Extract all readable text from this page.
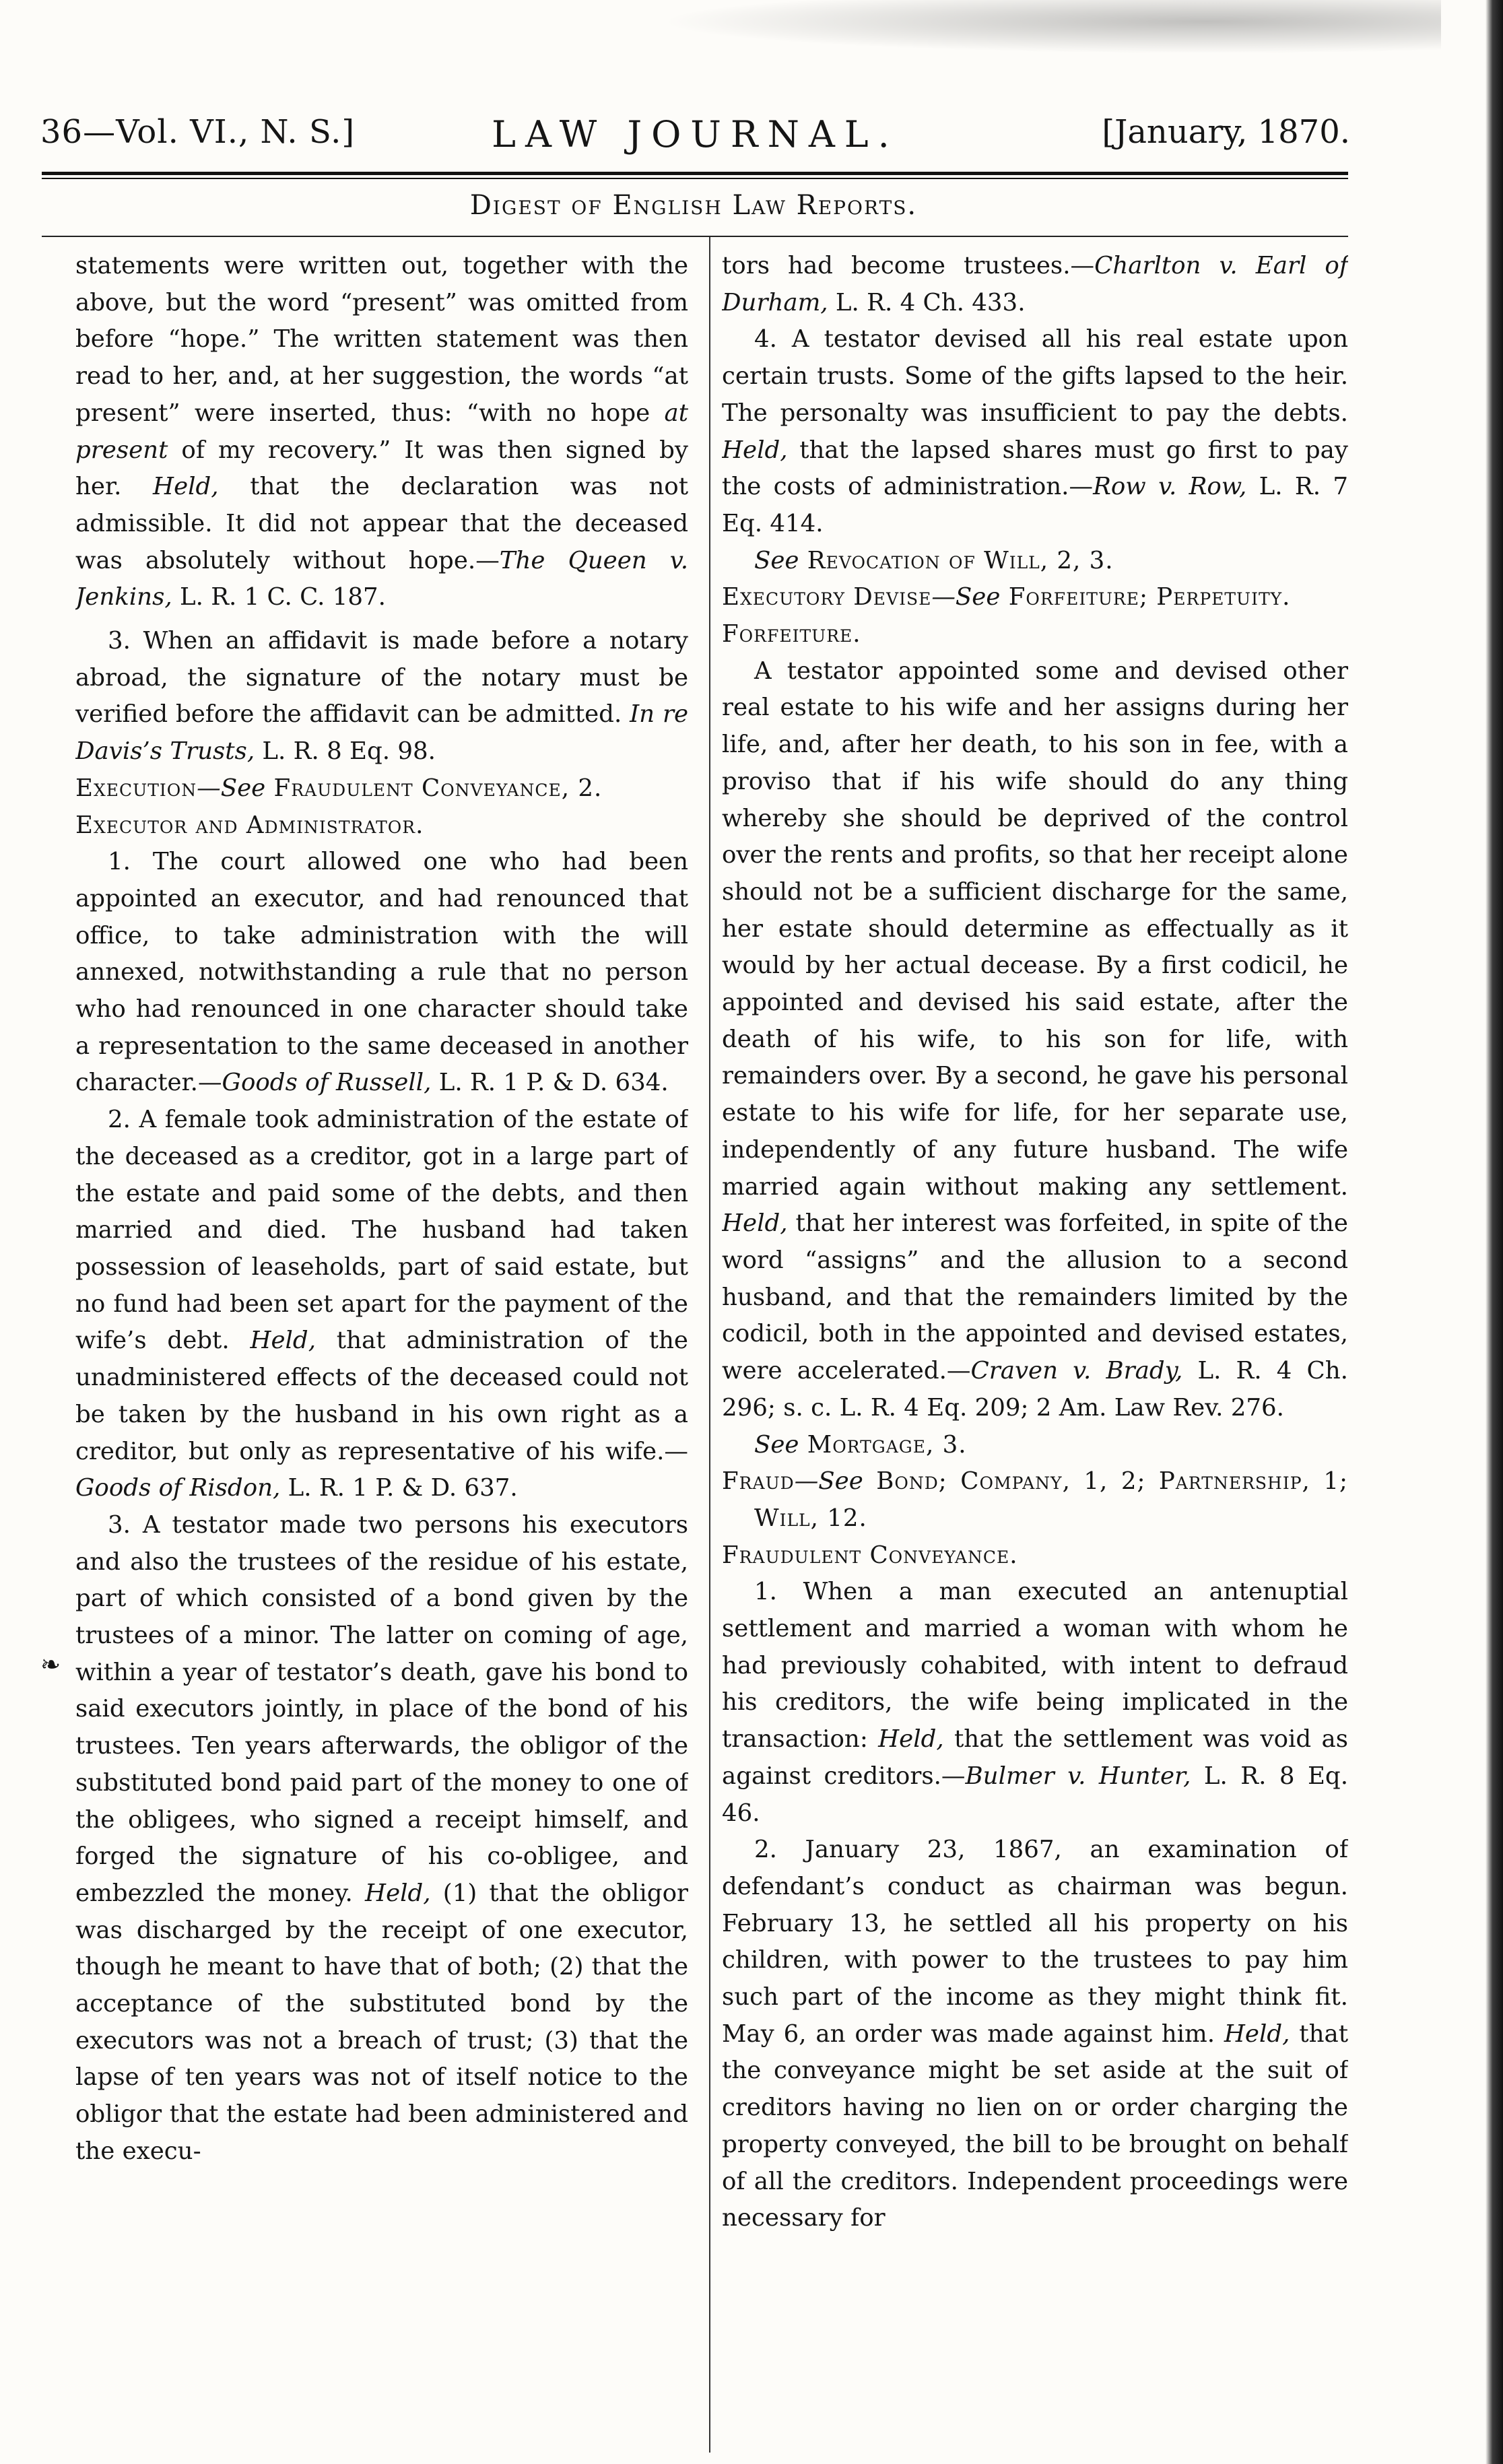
36—Vol. VI., N. S.]	LAW JOURNAL.	[January, 1870.
Digest of English Law Reports.
❧

statements were written out, together with the above, but the word “present” was omitted from before “hope.” The written statement was then read to her, and, at her suggestion, the words “at present” were inserted, thus: “with no hope at present of my recovery.” It was then signed by her. Held, that the declaration was not admissible. It did not appear that the deceased was absolutely without hope.—The Queen v. Jenkins, L. R. 1 C. C. 187.

3. When an affidavit is made before a notary abroad, the signature of the notary must be verified before the affidavit can be admitted. In re Davis’s Trusts, L. R. 8 Eq. 98.

Execution—See Fraudulent Conveyance, 2.

Executor and Administrator.

1. The court allowed one who had been appointed an executor, and had renounced that office, to take administration with the will annexed, notwithstanding a rule that no person who had renounced in one character should take a representation to the same deceased in another character.—Goods of Russell, L. R. 1 P. & D. 634.

2. A female took administration of the estate of the deceased as a creditor, got in a large part of the estate and paid some of the debts, and then married and died. The husband had taken possession of leaseholds, part of said estate, but no fund had been set apart for the payment of the wife’s debt. Held, that administration of the unadministered effects of the deceased could not be taken by the husband in his own right as a creditor, but only as representative of his wife.—Goods of Risdon, L. R. 1 P. & D. 637.

3. A testator made two persons his executors and also the trustees of the residue of his estate, part of which consisted of a bond given by the trustees of a minor. The latter on coming of age, within a year of testator’s death, gave his bond to said executors jointly, in place of the bond of his trustees. Ten years afterwards, the obligor of the substituted bond paid part of the money to one of the obligees, who signed a receipt himself, and forged the signature of his co-obligee, and embezzled the money. Held, (1) that the obligor was discharged by the receipt of one executor, though he meant to have that of both; (2) that the acceptance of the substituted bond by the executors was not a breach of trust; (3) that the lapse of ten years was not of itself notice to the obligor that the estate had been administered and the execu-

tors had become trustees.—Charlton v. Earl of Durham, L. R. 4 Ch. 433.

4. A testator devised all his real estate upon certain trusts. Some of the gifts lapsed to the heir. The personalty was insufficient to pay the debts. Held, that the lapsed shares must go first to pay the costs of administration.—Row v. Row, L. R. 7 Eq. 414.

See Revocation of Will, 2, 3.

Executory Devise—See Forfeiture; Perpetuity.

Forfeiture.

A testator appointed some and devised other real estate to his wife and her assigns during her life, and, after her death, to his son in fee, with a proviso that if his wife should do any thing whereby she should be deprived of the control over the rents and profits, so that her receipt alone should not be a sufficient discharge for the same, her estate should determine as effectually as it would by her actual decease. By a first codicil, he appointed and devised his said estate, after the death of his wife, to his son for life, with remainders over. By a second, he gave his personal estate to his wife for life, for her separate use, independently of any future husband. The wife married again without making any settlement. Held, that her interest was forfeited, in spite of the word “assigns” and the allusion to a second husband, and that the remainders limited by the codicil, both in the appointed and devised estates, were accelerated.—Craven v. Brady, L. R. 4 Ch. 296; s. c. L. R. 4 Eq. 209; 2 Am. Law Rev. 276.

See Mortgage, 3.

Fraud—See Bond; Company, 1, 2; Partnership, 1; Will, 12.

Fraudulent Conveyance.

1. When a man executed an antenuptial settlement and married a woman with whom he had previously cohabited, with intent to defraud his creditors, the wife being implicated in the transaction: Held, that the settlement was void as against creditors.—Bulmer v. Hunter, L. R. 8 Eq. 46.

2. January 23, 1867, an examination of defendant’s conduct as chairman was begun. February 13, he settled all his property on his children, with power to the trustees to pay him such part of the income as they might think fit. May 6, an order was made against him. Held, that the conveyance might be set aside at the suit of creditors having no lien on or order charging the property conveyed, the bill to be brought on behalf of all the creditors. Independent proceedings were necessary for
